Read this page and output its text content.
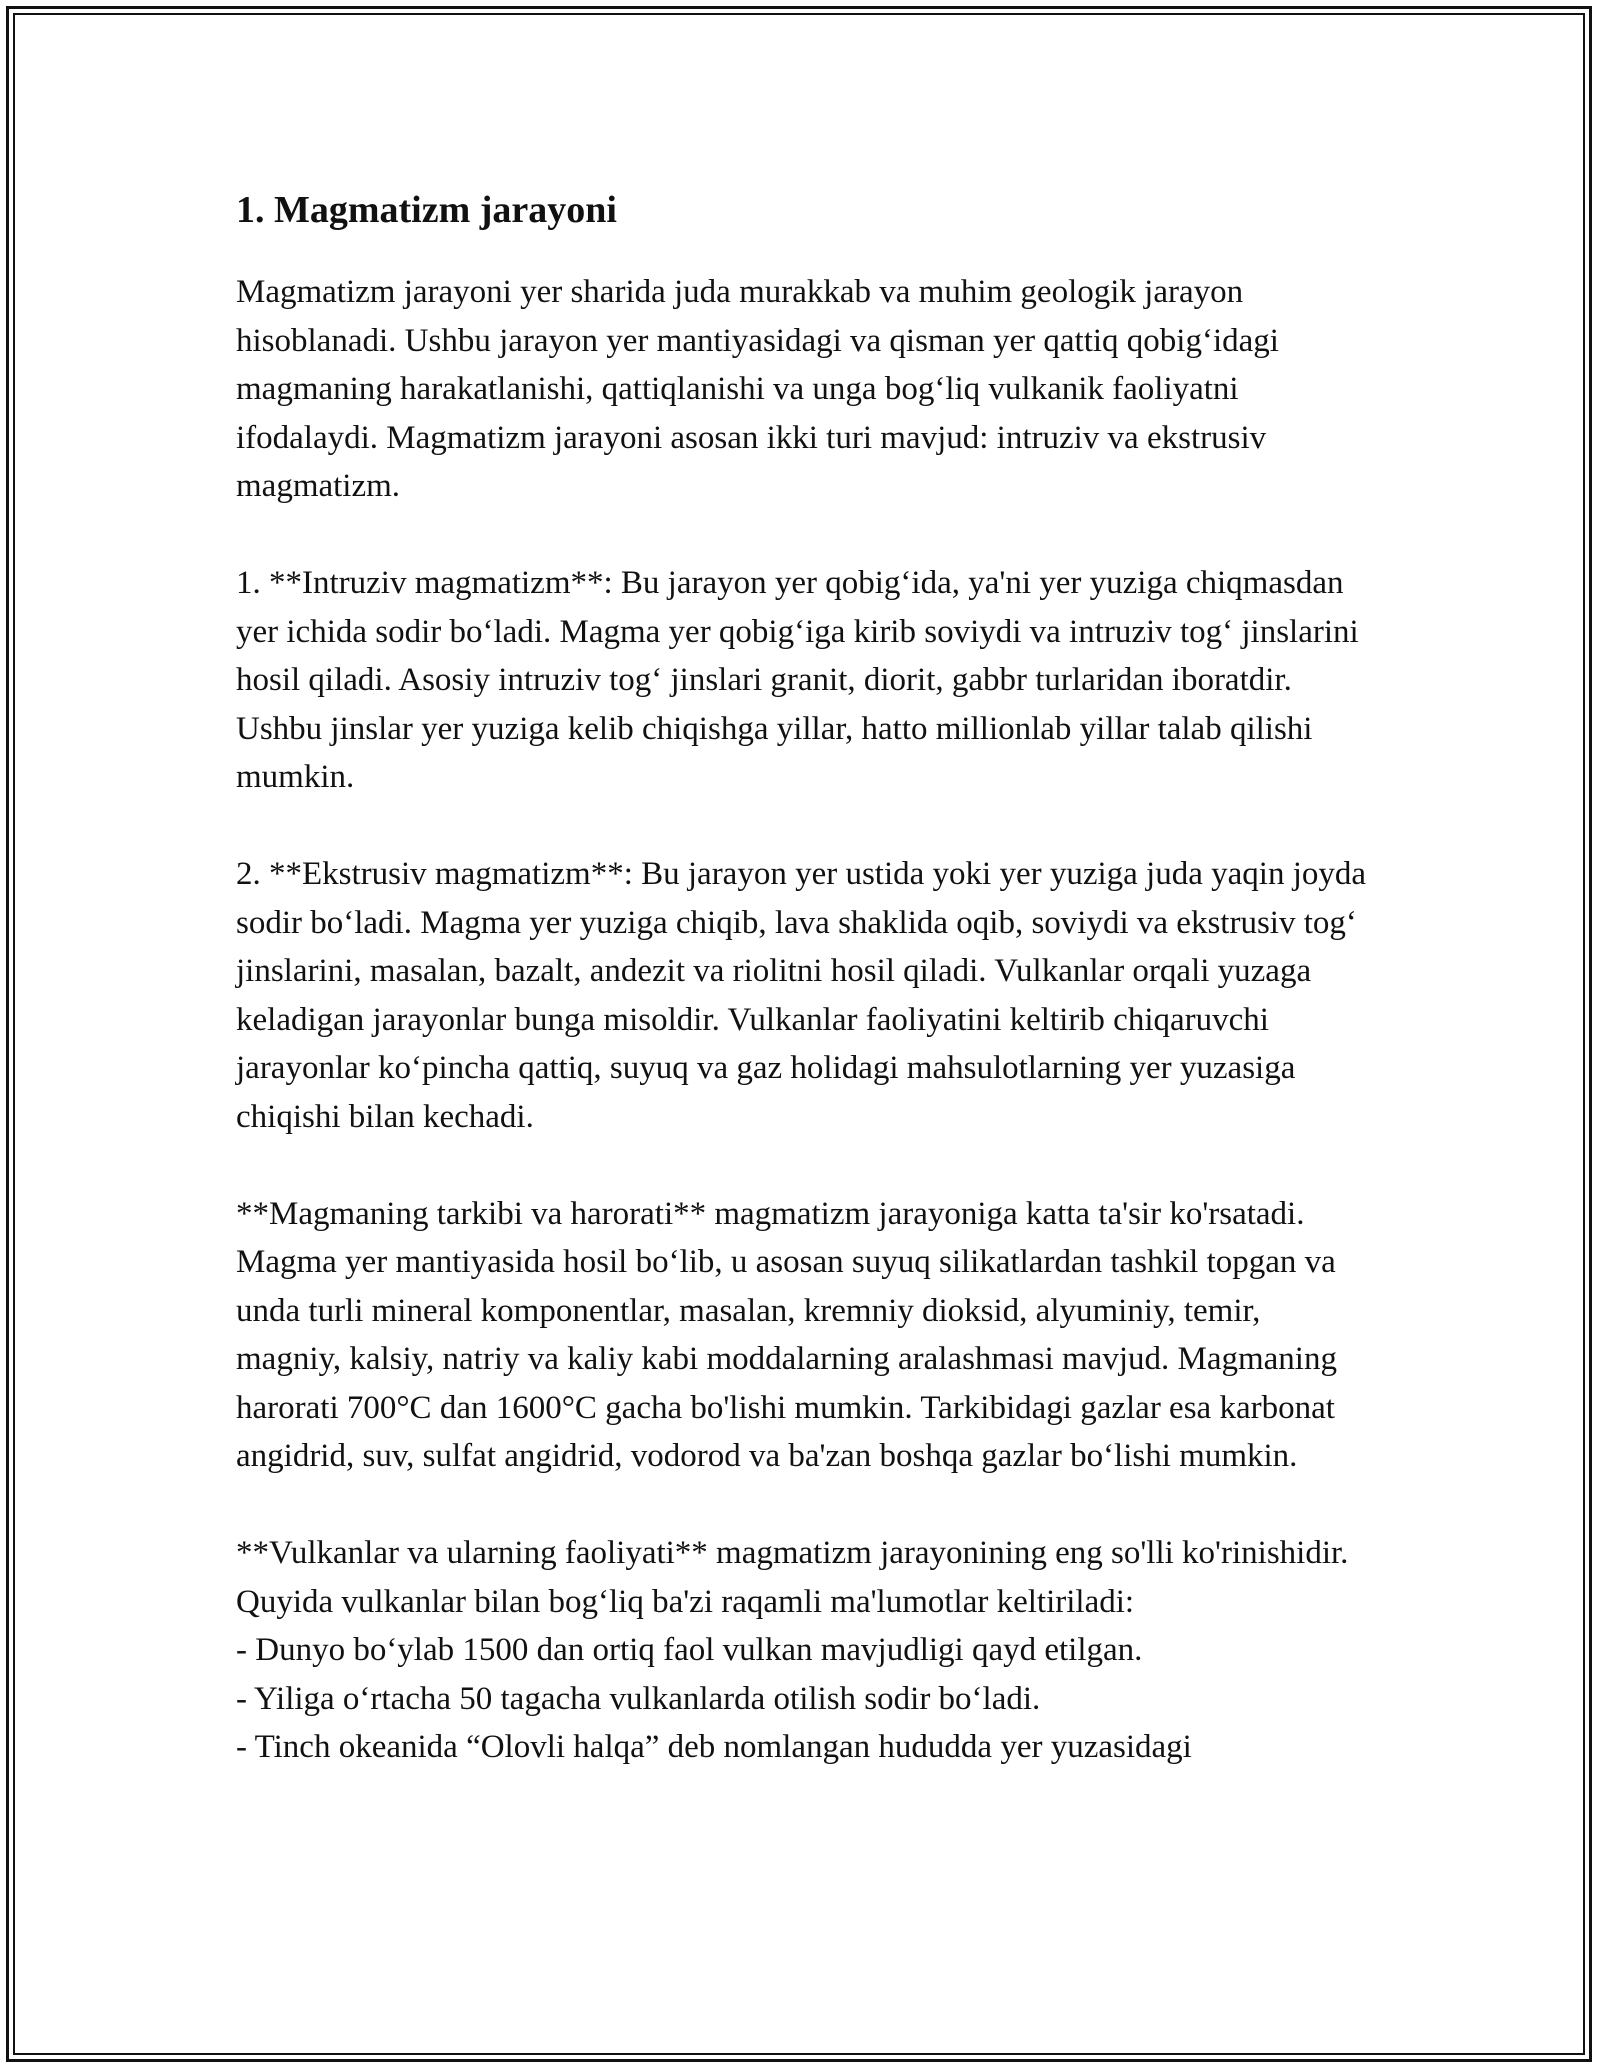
1. Magmatizm jarayoni

Magmatizm jarayoni yer sharida juda murakkab va muhim geologik jarayon hisoblanadi. Ushbu jarayon yer mantiyasidagi va qisman yer qattiq qobig‘idagi magmaning harakatlanishi, qattiqlanishi va unga bog‘liq vulkanik faoliyatni ifodalaydi. Magmatizm jarayoni asosan ikki turi mavjud: intruziv va ekstrusiv magmatizm.

1. **Intruziv magmatizm**: Bu jarayon yer qobig‘ida, ya'ni yer yuziga chiqmasdan yer ichida sodir bo‘ladi. Magma yer qobig‘iga kirib soviydi va intruziv tog‘ jinslarini hosil qiladi. Asosiy intruziv tog‘ jinslari granit, diorit, gabbr turlaridan iboratdir. Ushbu jinslar yer yuziga kelib chiqishga yillar, hatto millionlab yillar talab qilishi mumkin.

2. **Ekstrusiv magmatizm**: Bu jarayon yer ustida yoki yer yuziga juda yaqin joyda sodir bo‘ladi. Magma yer yuziga chiqib, lava shaklida oqib, soviydi va ekstrusiv tog‘ jinslarini, masalan, bazalt, andezit va riolitni hosil qiladi. Vulkanlar orqali yuzaga keladigan jarayonlar bunga misoldir. Vulkanlar faoliyatini keltirib chiqaruvchi jarayonlar ko‘pincha qattiq, suyuq va gaz holidagi mahsulotlarning yer yuzasiga chiqishi bilan kechadi.

**Magmaning tarkibi va harorati** magmatizm jarayoniga katta ta'sir ko'rsatadi. Magma yer mantiyasida hosil bo‘lib, u asosan suyuq silikatlardan tashkil topgan va unda turli mineral komponentlar, masalan, kremniy dioksid, alyuminiy, temir, magniy, kalsiy, natriy va kaliy kabi moddalarning aralashmasi mavjud. Magmaning harorati 700°C dan 1600°C gacha bo'lishi mumkin. Tarkibidagi gazlar esa karbonat angidrid, suv, sulfat angidrid, vodorod va ba'zan boshqa gazlar bo‘lishi mumkin.

**Vulkanlar va ularning faoliyati** magmatizm jarayonining eng so'lli ko'rinishidir. Quyida vulkanlar bilan bog‘liq ba'zi raqamli ma'lumotlar keltiriladi:

- Dunyo bo‘ylab 1500 dan ortiq faol vulkan mavjudligi qayd etilgan.

- Yiliga o‘rtacha 50 tagacha vulkanlarda otilish sodir bo‘ladi.

- Tinch okeanida “Olovli halqa” deb nomlangan hududda yer yuzasidagi
